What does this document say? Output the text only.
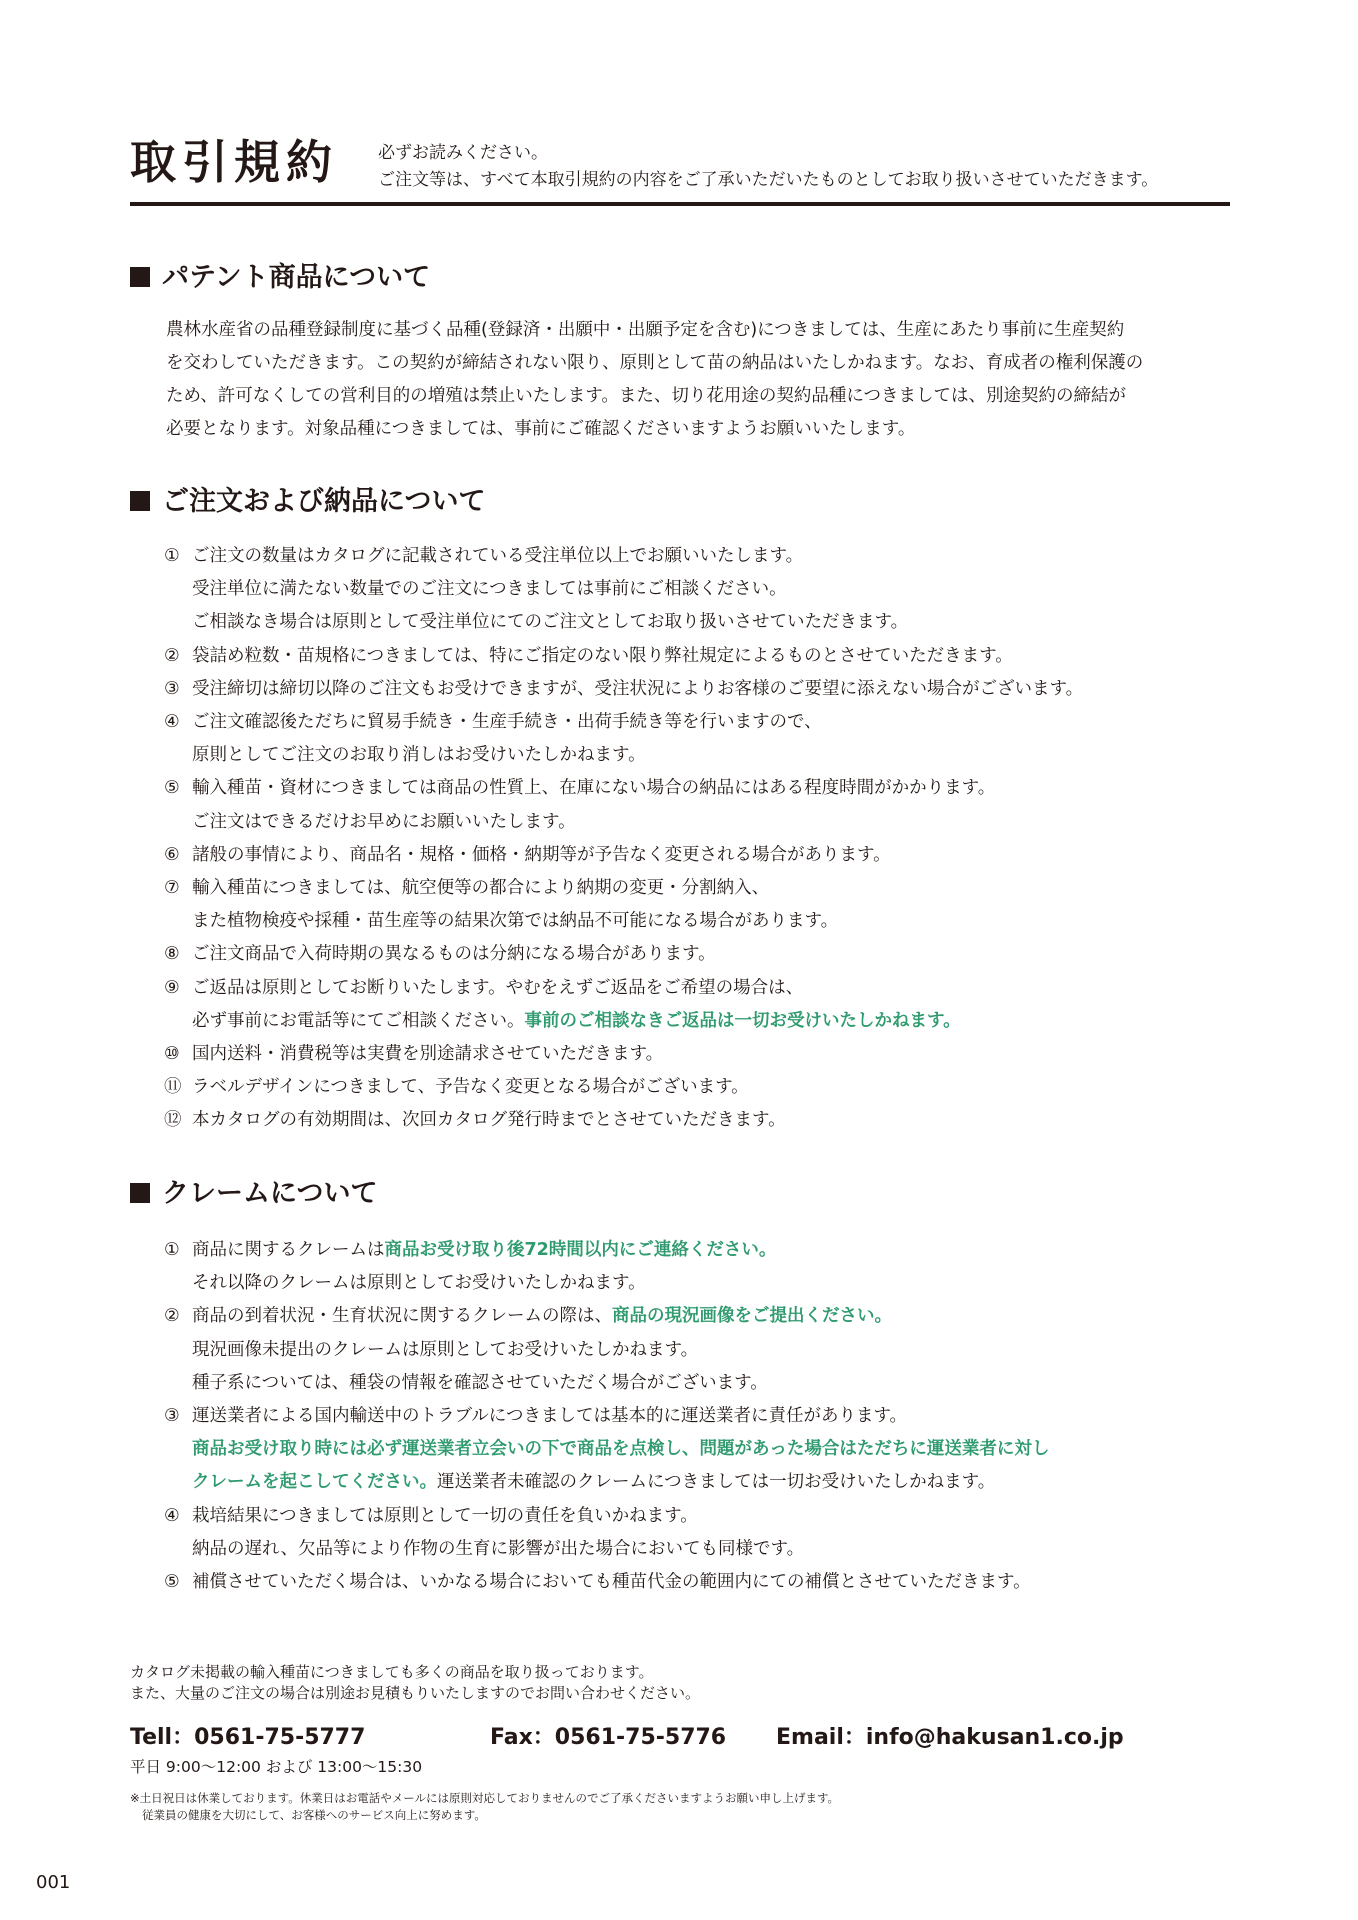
取引規約 必ずお読みください。
ご注文等は、すべて本取引規約の内容をご了承いただいたものとしてお取り扱いさせていただきます。
パテント商品について
農林水産省の品種登録制度に基づく品種(登録済・出願中・出願予定を含む)につきましては、生産にあたり事前に生産契約
を交わしていただきます。この契約が締結されない限り、原則として苗の納品はいたしかねます。なお、育成者の権利保護の
ため、許可なくしての営利目的の増殖は禁止いたします。また、切り花用途の契約品種につきましては、別途契約の締結が
必要となります。対象品種につきましては、事前にご確認くださいますようお願いいたします。
ご注文および納品について
① ご注文の数量はカタログに記載されている受注単位以上でお願いいたします。
受注単位に満たない数量でのご注文につきましては事前にご相談ください。
ご相談なき場合は原則として受注単位にてのご注文としてお取り扱いさせていただきます。
② 袋詰め粒数・苗規格につきましては、特にご指定のない限り弊社規定によるものとさせていただきます。
③ 受注締切は締切以降のご注文もお受けできますが、受注状況によりお客様のご要望に添えない場合がございます。
④ ご注文確認後ただちに貿易手続き・生産手続き・出荷手続き等を行いますので、
原則としてご注文のお取り消しはお受けいたしかねます。
⑤ 輸入種苗・資材につきましては商品の性質上、在庫にない場合の納品にはある程度時間がかかります。
ご注文はできるだけお早めにお願いいたします。
⑥ 諸般の事情により、商品名・規格・価格・納期等が予告なく変更される場合があります。
⑦ 輸入種苗につきましては、航空便等の都合により納期の変更・分割納入、
また植物検疫や採種・苗生産等の結果次第では納品不可能になる場合があります。
⑧ ご注文商品で入荷時期の異なるものは分納になる場合があります。
⑨ ご返品は原則としてお断りいたします。やむをえずご返品をご希望の場合は、
必ず事前にお電話等にてご相談ください。事前のご相談なきご返品は一切お受けいたしかねます。
⑩ 国内送料・消費税等は実費を別途請求させていただきます。
⑪ ラベルデザインにつきまして、予告なく変更となる場合がございます。
⑫ 本カタログの有効期間は、次回カタログ発行時までとさせていただきます。
クレームについて
① 商品に関するクレームは商品お受け取り後72時間以内にご連絡ください。
それ以降のクレームは原則としてお受けいたしかねます。
② 商品の到着状況・生育状況に関するクレームの際は、商品の現況画像をご提出ください。
現況画像未提出のクレームは原則としてお受けいたしかねます。
種子系については、種袋の情報を確認させていただく場合がございます。
③ 運送業者による国内輸送中のトラブルにつきましては基本的に運送業者に責任があります。
商品お受け取り時には必ず運送業者立会いの下で商品を点検し、問題があった場合はただちに運送業者に対し
クレームを起こしてください。運送業者未確認のクレームにつきましては一切お受けいたしかねます。
④ 栽培結果につきましては原則として一切の責任を負いかねます。
納品の遅れ、欠品等により作物の生育に影響が出た場合においても同様です。
⑤ 補償させていただく場合は、いかなる場合においても種苗代金の範囲内にての補償とさせていただきます。
カタログ未掲載の輸入種苗につきましても多くの商品を取り扱っております。
また、大量のご注文の場合は別途お見積もりいたしますのでお問い合わせください。
Tell：0561-75-5777	Fax：0561-75-5776 Email：info@hakusan1.co.jp
平日 9:00〜12:00 および 13:00〜15:30
※土日祝日は休業しております。休業日はお電話やメールには原則対応しておりませんのでご了承くださいますようお願い申し上げます。
従業員の健康を大切にして、お客様へのサービス向上に努めます。
001
